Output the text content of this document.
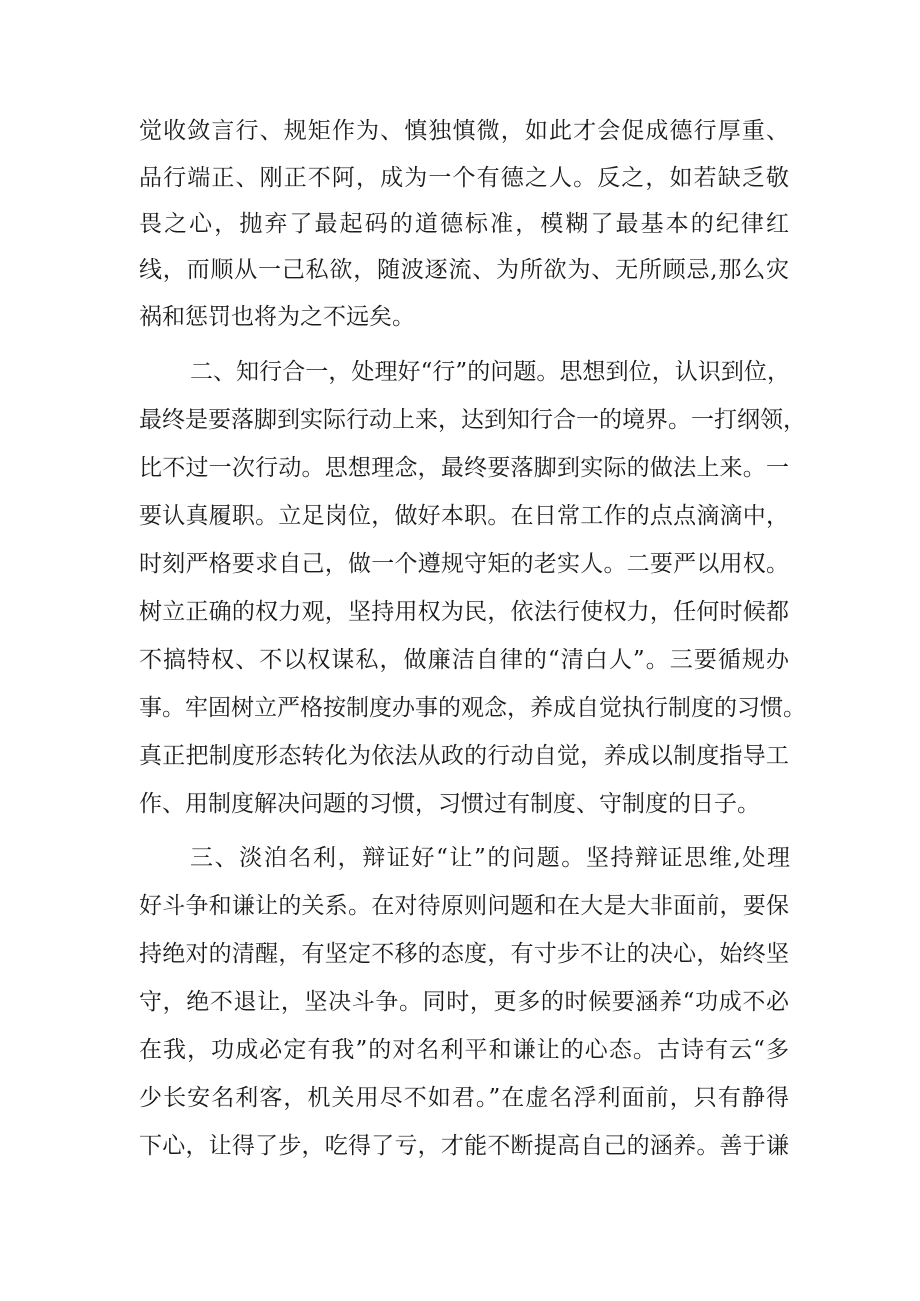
觉收敛言行、规矩作为、慎独慎微，如此才会促成德行厚重、
品行端正、刚正不阿，成为一个有德之人。反之，如若缺乏敬
畏之心，抛弃了最起码的道德标准，模糊了最基本的纪律红
线，而顺从一己私欲，随波逐流、为所欲为、无所顾忌,那么灾
祸和惩罚也将为之不远矣。
二、知行合一，处理好“行”的问题。思想到位，认识到位，
最终是要落脚到实际行动上来，达到知行合一的境界。一打纲领，
比不过一次行动。思想理念，最终要落脚到实际的做法上来。一
要认真履职。立足岗位，做好本职。在日常工作的点点滴滴中，
时刻严格要求自己，做一个遵规守矩的老实人。二要严以用权。
树立正确的权力观，坚持用权为民，依法行使权力，任何时候都
不搞特权、不以权谋私，做廉洁自律的“清白人”。三要循规办
事。牢固树立严格按制度办事的观念，养成自觉执行制度的习惯。
真正把制度形态转化为依法从政的行动自觉，养成以制度指导工
作、用制度解决问题的习惯，习惯过有制度、守制度的日子。
三、淡泊名利，辩证好“让”的问题。坚持辩证思维,处理
好斗争和谦让的关系。在对待原则问题和在大是大非面前，要保
持绝对的清醒，有坚定不移的态度，有寸步不让的决心，始终坚
守，绝不退让，坚决斗争。同时，更多的时候要涵养“功成不必
在我，功成必定有我”的对名利平和谦让的心态。古诗有云“多
少长安名利客，机关用尽不如君。”在虚名浮利面前，只有静得
下心，让得了步，吃得了亏，才能不断提高自己的涵养。善于谦
